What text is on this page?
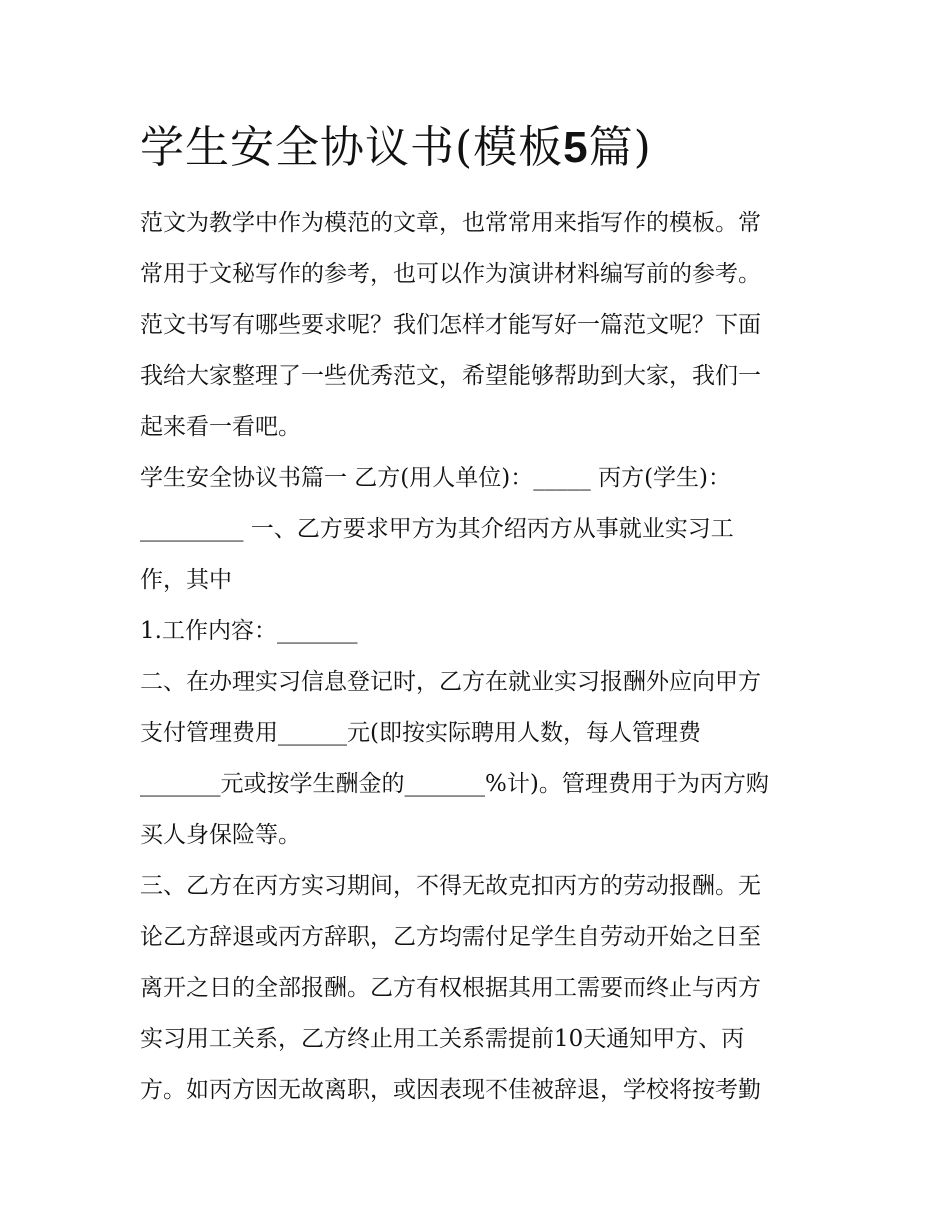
学生安全协议书(模板5篇)

范文为教学中作为模范的文章，也常常用来指写作的模板。常

常用于文秘写作的参考，也可以作为演讲材料编写前的参考。

范文书写有哪些要求呢？我们怎样才能写好一篇范文呢？下面

我给大家整理了一些优秀范文，希望能够帮助到大家，我们一

起来看一看吧。

学生安全协议书篇一 乙方(用人单位)：_____ 丙方(学生)：

_________ 一、乙方要求甲方为其介绍丙方从事就业实习工

作，其中

1.工作内容：_______

二、在办理实习信息登记时，乙方在就业实习报酬外应向甲方

支付管理费用______元(即按实际聘用人数，每人管理费

_______元或按学生酬金的_______%计)。管理费用于为丙方购

买人身保险等。

三、乙方在丙方实习期间，不得无故克扣丙方的劳动报酬。无

论乙方辞退或丙方辞职，乙方均需付足学生自劳动开始之日至

离开之日的全部报酬。乙方有权根据其用工需要而终止与丙方

实习用工关系，乙方终止用工关系需提前10天通知甲方、丙

方。如丙方因无故离职，或因表现不佳被辞退，学校将按考勤
